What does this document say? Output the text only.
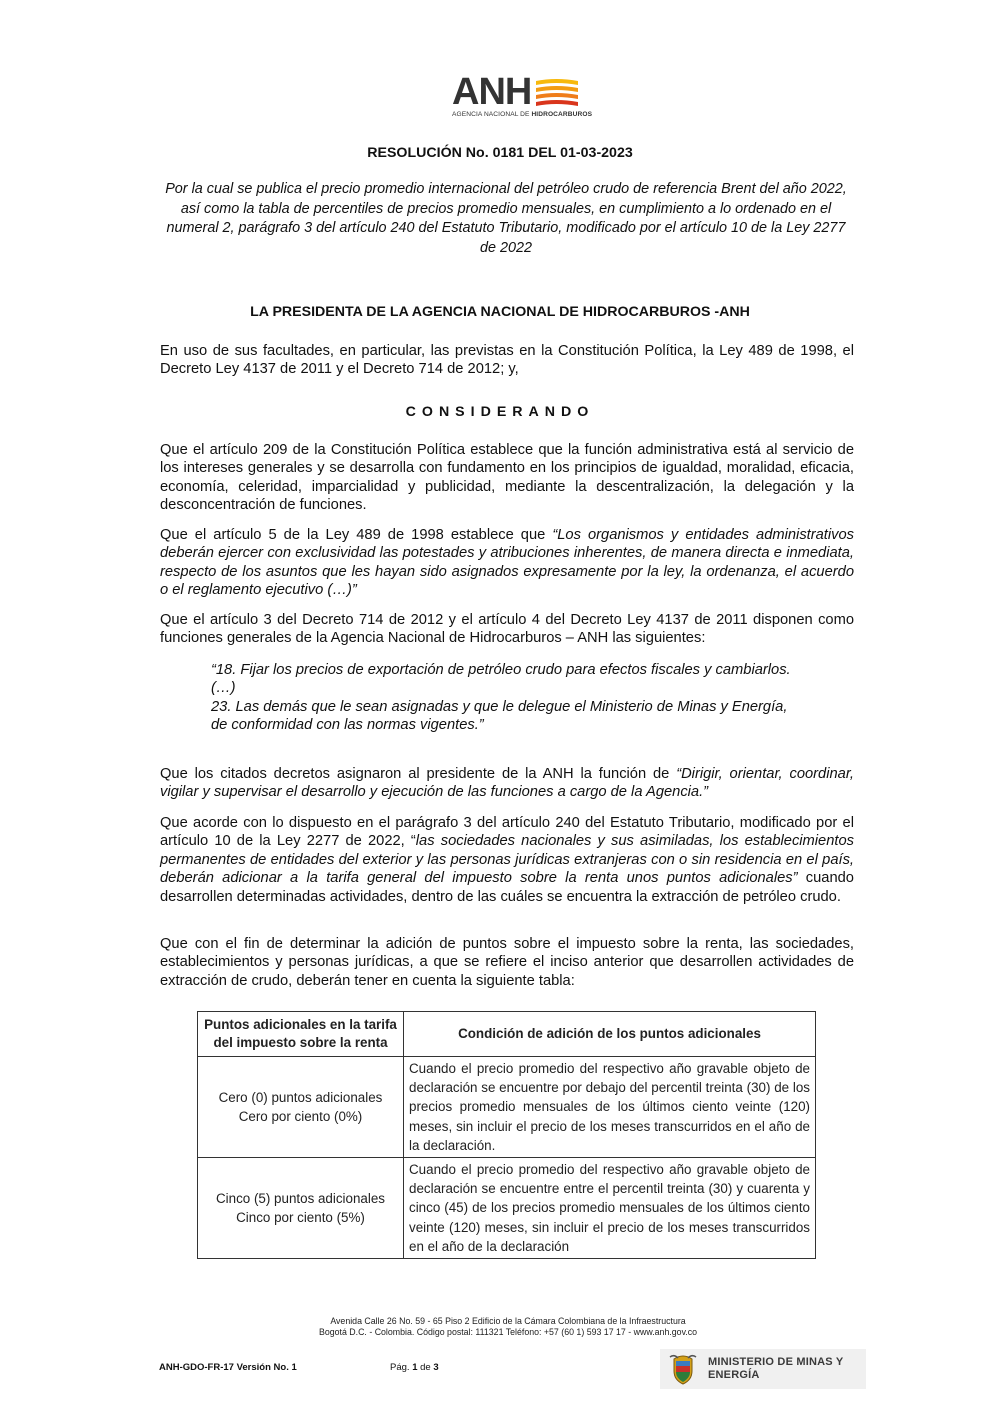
ANH
AGENCIA NACIONAL DE HIDROCARBUROS
RESOLUCIÓN No. 0181 DEL 01-03-2023
Por la cual se publica el precio promedio internacional del petróleo crudo de referencia Brent del año 2022, así como la tabla de percentiles de precios promedio mensuales, en cumplimiento a lo ordenado en el numeral 2, parágrafo 3 del artículo 240 del Estatuto Tributario, modificado por el artículo 10 de la Ley 2277 de 2022
LA PRESIDENTA DE LA AGENCIA NACIONAL DE HIDROCARBUROS -ANH
En uso de sus facultades, en particular, las previstas en la Constitución Política, la Ley 489 de 1998, el Decreto Ley 4137 de 2011 y el Decreto 714 de 2012; y,
CONSIDERANDO
Que el artículo 209 de la Constitución Política establece que la función administrativa está al servicio de los intereses generales y se desarrolla con fundamento en los principios de igualdad, moralidad, eficacia, economía, celeridad, imparcialidad y publicidad, mediante la descentralización, la delegación y la desconcentración de funciones.
Que el artículo 5 de la Ley 489 de 1998 establece que “Los organismos y entidades administrativos deberán ejercer con exclusividad las potestades y atribuciones inherentes, de manera directa e inmediata, respecto de los asuntos que les hayan sido asignados expresamente por la ley, la ordenanza, el acuerdo o el reglamento ejecutivo (…)”
Que el artículo 3 del Decreto 714 de 2012 y el artículo 4 del Decreto Ley 4137 de 2011 disponen como funciones generales de la Agencia Nacional de Hidrocarburos – ANH las siguientes:
“18. Fijar los precios de exportación de petróleo crudo para efectos fiscales y cambiarlos.
(…)
23. Las demás que le sean asignadas y que le delegue el Ministerio de Minas y Energía,
de conformidad con las normas vigentes.”
Que los citados decretos asignaron al presidente de la ANH la función de “Dirigir, orientar, coordinar, vigilar y supervisar el desarrollo y ejecución de las funciones a cargo de la Agencia.”
Que acorde con lo dispuesto en el parágrafo 3 del artículo 240 del Estatuto Tributario, modificado por el artículo 10 de la Ley 2277 de 2022, “las sociedades nacionales y sus asimiladas, los establecimientos permanentes de entidades del exterior y las personas jurídicas extranjeras con o sin residencia en el país, deberán adicionar a la tarifa general del impuesto sobre la renta unos puntos adicionales” cuando desarrollen determinadas actividades, dentro de las cuáles se encuentra la extracción de petróleo crudo.
Que con el fin de determinar la adición de puntos sobre el impuesto sobre la renta, las sociedades, establecimientos y personas jurídicas, a que se refiere el inciso anterior que desarrollen actividades de extracción de crudo, deberán tener en cuenta la siguiente tabla:
Puntos adicionales en la tarifa del impuesto sobre la renta	Condición de adición de los puntos adicionales
Cero (0) puntos adicionales Cero por ciento (0%)	Cuando el precio promedio del respectivo año gravable objeto de declaración se encuentre por debajo del percentil treinta (30) de los precios promedio mensuales de los últimos ciento veinte (120) meses, sin incluir el precio de los meses transcurridos en el año de la declaración.
Cinco (5) puntos adicionales Cinco por ciento (5%)	Cuando el precio promedio del respectivo año gravable objeto de declaración se encuentre entre el percentil treinta (30) y cuarenta y cinco (45) de los precios promedio mensuales de los últimos ciento veinte (120) meses, sin incluir el precio de los meses transcurridos en el año de la declaración
Avenida Calle 26 No. 59 - 65 Piso 2 Edificio de la Cámara Colombiana de la Infraestructura
Bogotá D.C. - Colombia. Código postal: 111321 Teléfono: +57 (60 1) 593 17 17 - www.anh.gov.co
ANH-GDO-FR-17 Versión No. 1	Pág. 1 de 3	MINISTERIO DE MINAS Y
ENERGÍA
